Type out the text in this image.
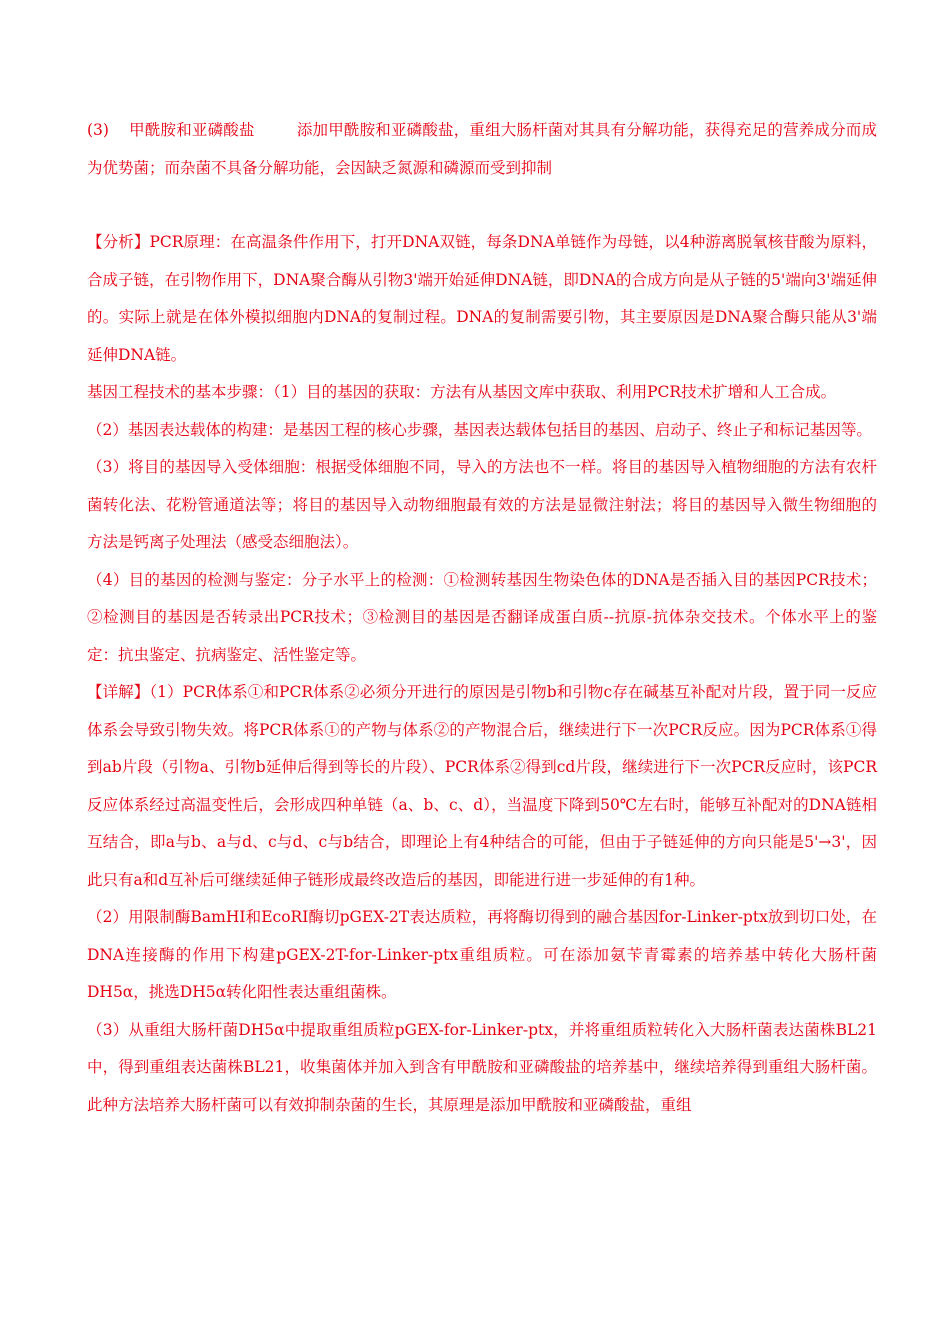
(3) 甲酰胺和亚磷酸盐	添加甲酰胺和亚磷酸盐，重组大肠杆菌对其具有分解功能，获得充足的营养成分而成为优势菌；而杂菌不具备分解功能，会因缺乏氮源和磷源而受到抑制

【分析】PCR原理：在高温条件作用下，打开DNA双链，每条DNA单链作为母链，以4种游离脱氧核苷酸为原料，合成子链，在引物作用下，DNA聚合酶从引物3'端开始延伸DNA链，即DNA的合成方向是从子链的5'端向3'端延伸的。实际上就是在体外模拟细胞内DNA的复制过程。DNA的复制需要引物，其主要原因是DNA聚合酶只能从3'端延伸DNA链。

基因工程技术的基本步骤：（1）目的基因的获取：方法有从基因文库中获取、利用PCR技术扩增和人工合成。

（2）基因表达载体的构建：是基因工程的核心步骤，基因表达载体包括目的基因、启动子、终止子和标记基因等。

（3）将目的基因导入受体细胞：根据受体细胞不同，导入的方法也不一样。将目的基因导入植物细胞的方法有农杆菌转化法、花粉管通道法等；将目的基因导入动物细胞最有效的方法是显微注射法；将目的基因导入微生物细胞的方法是钙离子处理法（感受态细胞法）。

（4）目的基因的检测与鉴定：分子水平上的检测：①检测转基因生物染色体的DNA是否插入目的基因PCR技术；②检测目的基因是否转录出PCR技术；③检测目的基因是否翻译成蛋白质--抗原-抗体杂交技术。个体水平上的鉴定：抗虫鉴定、抗病鉴定、活性鉴定等。

【详解】（1）PCR体系①和PCR体系②必须分开进行的原因是引物b和引物c存在碱基互补配对片段，置于同一反应体系会导致引物失效。将PCR体系①的产物与体系②的产物混合后，继续进行下一次PCR反应。因为PCR体系①得到ab片段（引物a、引物b延伸后得到等长的片段）、PCR体系②得到cd片段，继续进行下一次PCR反应时，该PCR反应体系经过高温变性后，会形成四种单链（a、b、c、d），当温度下降到50℃左右时，能够互补配对的DNA链相互结合，即a与b、a与d、c与d、c与b结合，即理论上有4种结合的可能，但由于子链延伸的方向只能是5'→3'，因此只有a和d互补后可继续延伸子链形成最终改造后的基因，即能进行进一步延伸的有1种。

（2）用限制酶BamHI和EcoRI酶切pGEX-2T表达质粒，再将酶切得到的融合基因for-Linker-ptx放到切口处，在DNA连接酶的作用下构建pGEX-2T-for-Linker-ptx重组质粒。可在添加氨苄青霉素的培养基中转化大肠杆菌DH5α，挑选DH5α转化阳性表达重组菌株。

（3）从重组大肠杆菌DH5α中提取重组质粒pGEX-for-Linker-ptx，并将重组质粒转化入大肠杆菌表达菌株BL21中，得到重组表达菌株BL21，收集菌体并加入到含有甲酰胺和亚磷酸盐的培养基中，继续培养得到重组大肠杆菌。此种方法培养大肠杆菌可以有效抑制杂菌的生长，其原理是添加甲酰胺和亚磷酸盐，重组
